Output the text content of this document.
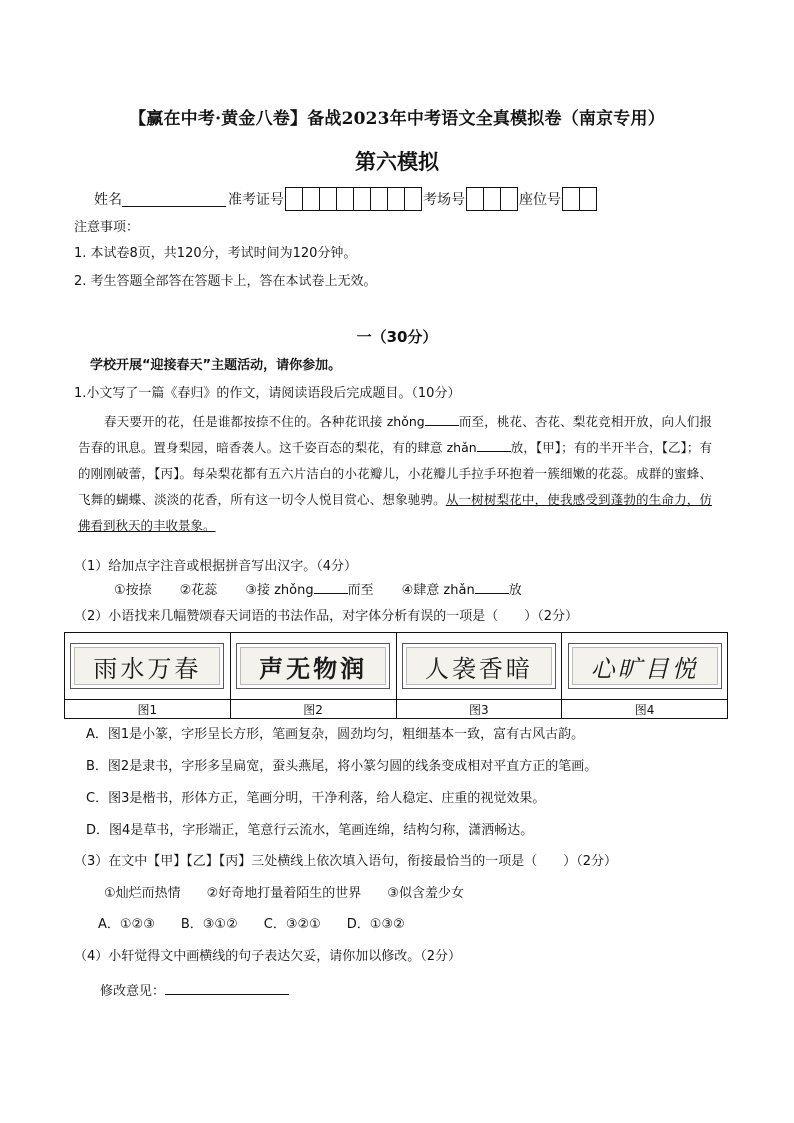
【赢在中考·黄金八卷】备战2023年中考语文全真模拟卷（南京专用）
第六模拟
姓名	准考证号	考场号	座位号
注意事项：
1. 本试卷8页，共120分，考试时间为120分钟。
2. 考生答题全部答在答题卡上，答在本试卷上无效。
一（30分）
学校开展“迎接春天”主题活动，请你参加。
1.小文写了一篇《春归》的作文，请阅读语段后完成题目。（10分）
春天要开的花，任是谁都按捺不住的。各种花讯接 zhǒng	而至，桃花、杏花、梨花竞相开放，向人们报告春的讯息。置身梨园，暗香袭人。这千姿百态的梨花，有的肆意 zhǎn	放，【甲】；有的半开半合，【乙】；有的刚刚破蕾，【丙】。每朵梨花都有五六片洁白的小花瓣儿，小花瓣儿手拉手环抱着一簇细嫩的花蕊。成群的蜜蜂、飞舞的蝴蝶、淡淡的花香，所有这一切令人悦目赏心、想象驰骋。从一树树梨花中，使我感受到蓬勃的生命力，仿佛看到秋天的丰收景象。
（1）给加点字注音或根据拼音写出汉字。（4分）
①按捺 ②花蕊 ③接 zhǒng	而至 ④肆意 zhǎn	放
（2）小语找来几幅赞颂春天词语的书法作品，对字体分析有误的一项是（　　）（2分）
雨水万春	声无物润	人袭香暗	心旷目悦

图1	图2	图3	图4
A．图1是小篆，字形呈长方形，笔画复杂，圆劲均匀，粗细基本一致，富有古风古韵。
B．图2是隶书，字形多呈扁宽，蚕头燕尾，将小篆匀圆的线条变成相对平直方正的笔画。
C．图3是楷书，形体方正，笔画分明，干净利落，给人稳定、庄重的视觉效果。
D．图4是草书，字形端正，笔意行云流水，笔画连绵，结构匀称，潇洒畅达。
（3）在文中【甲】【乙】【丙】三处横线上依次填入语句，衔接最恰当的一项是（　　）（2分）
①灿烂而热情　　②好奇地打量着陌生的世界　　③似含羞少女
A．①②③　　B．③①②　　C．③②①　　D．①③②
（4）小轩觉得文中画横线的句子表达欠妥，请你加以修改。（2分）
修改意见：
